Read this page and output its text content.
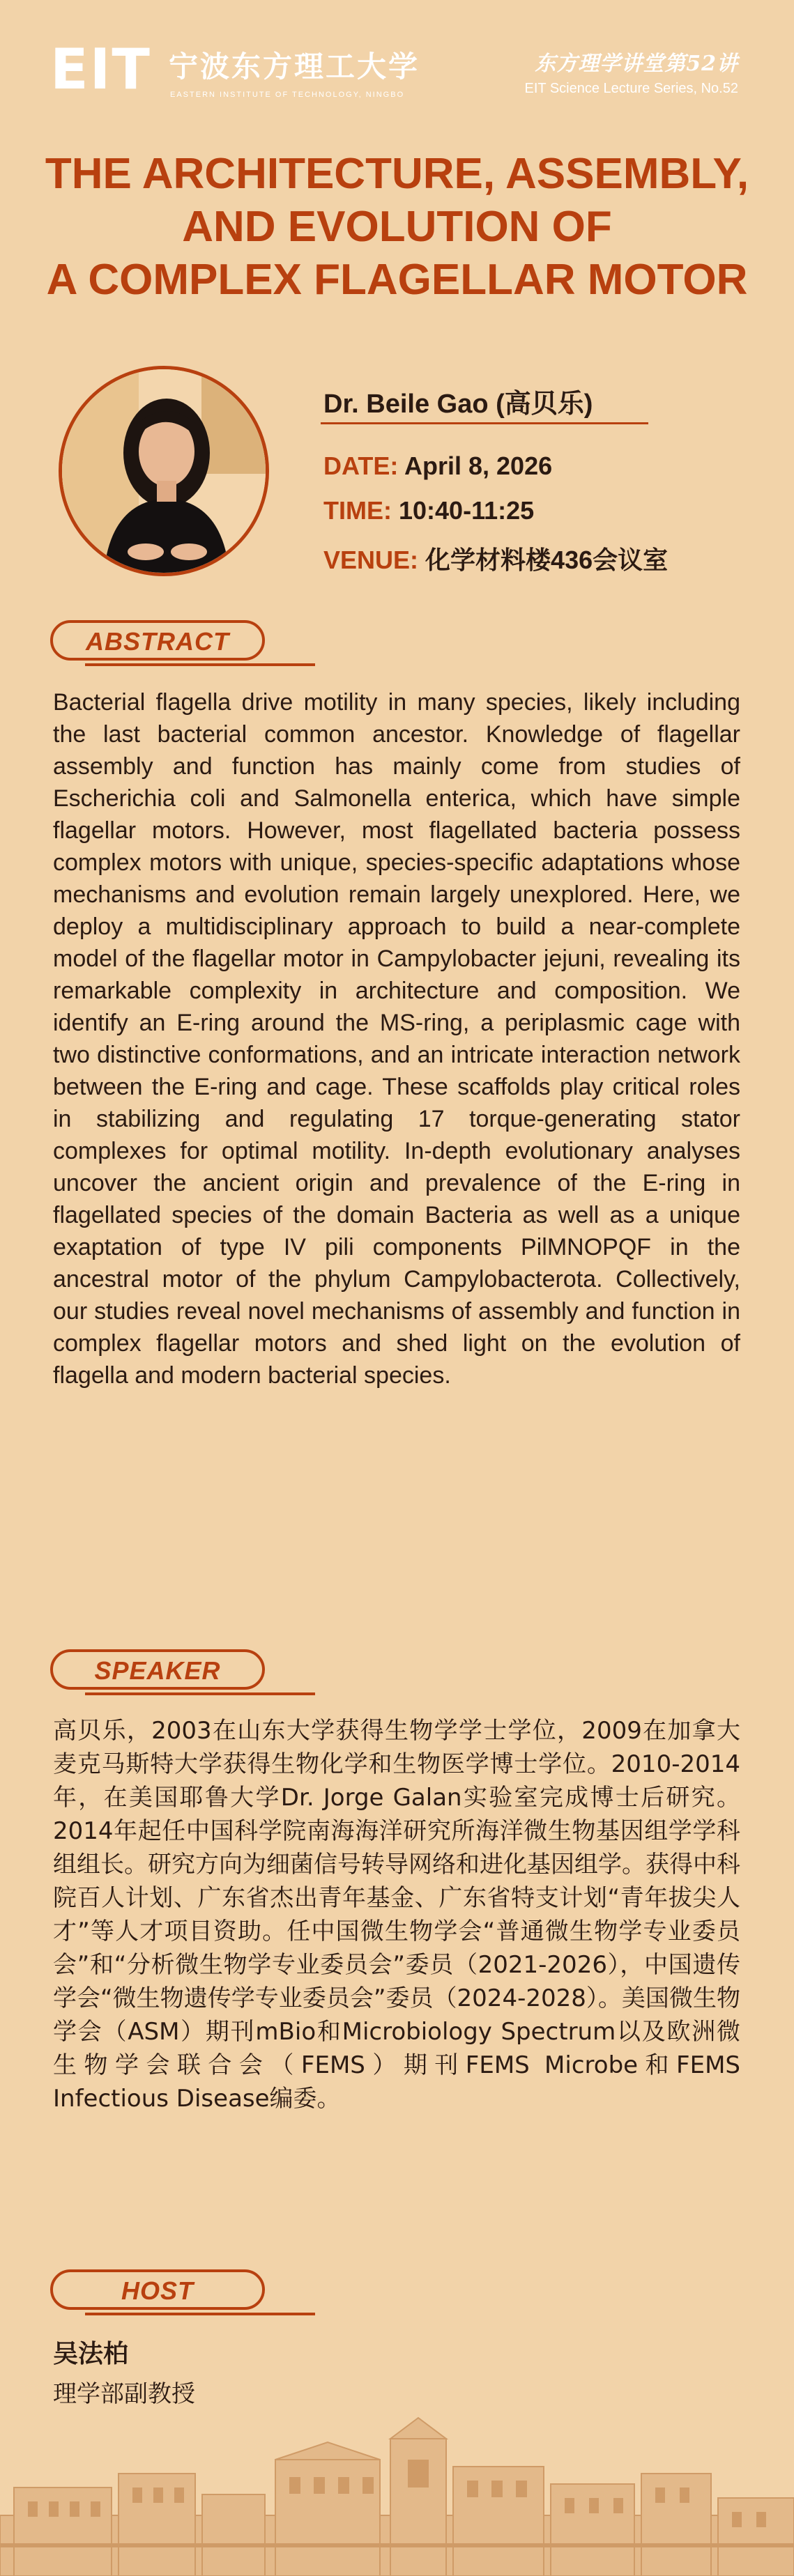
EIT 宁波东方理工大学
EASTERN INSTITUTE OF TECHNOLOGY, NINGBO
东方理学讲堂第52讲
EIT Science Lecture Series, No.52
THE ARCHITECTURE, ASSEMBLY,
AND EVOLUTION OF
A COMPLEX FLAGELLAR MOTOR
Dr. Beile Gao (高贝乐)
DATE: April 8, 2026
TIME: 10:40-11:25
VENUE: 化学材料楼436会议室
ABSTRACT
Bacterial flagella drive motility in many species, likely including the last bacterial common ancestor. Knowledge of flagellar assembly and function has mainly come from studies of Escherichia coli and Salmonella enterica, which have simple flagellar motors. However, most flagellated bacteria possess complex motors with unique, species-specific adaptations whose mechanisms and evolution remain largely unexplored. Here, we deploy a multidisciplinary approach to build a near-complete model of the flagellar motor in Campylobacter jejuni, revealing its remarkable complexity in architecture and composition. We identify an E-ring around the MS-ring, a periplasmic cage with two distinctive conformations, and an intricate interaction network between the E-ring and cage. These scaffolds play critical roles in stabilizing and regulating 17 torque-generating stator complexes for optimal motility. In-depth evolutionary analyses uncover the ancient origin and prevalence of the E-ring in flagellated species of the domain Bacteria as well as a unique exaptation of type IV pili components PilMNOPQF in the ancestral motor of the phylum Campylobacterota. Collectively, our studies reveal novel mechanisms of assembly and function in complex flagellar motors and shed light on the evolution of flagella and modern bacterial species.
SPEAKER
高贝乐，2003在山东大学获得生物学学士学位，2009在加拿大麦克马斯特大学获得生物化学和生物医学博士学位。2010-2014年，在美国耶鲁大学Dr. Jorge Galan实验室完成博士后研究。2014年起任中国科学院南海海洋研究所海洋微生物基因组学学科组组长。研究方向为细菌信号转导网络和进化基因组学。获得中科院百人计划、广东省杰出青年基金、广东省特支计划“青年拔尖人才”等人才项目资助。任中国微生物学会“普通微生物学专业委员会”和“分析微生物学专业委员会”委员（2021-2026），中国遗传学会“微生物遗传学专业委员会”委员（2024-2028）。美国微生物学会（ASM）期刊mBio和Microbiology Spectrum以及欧洲微生物学会联合会（FEMS）期刊FEMS Microbe和FEMS Infectious Disease编委。
HOST
吴法柏
理学部副教授
